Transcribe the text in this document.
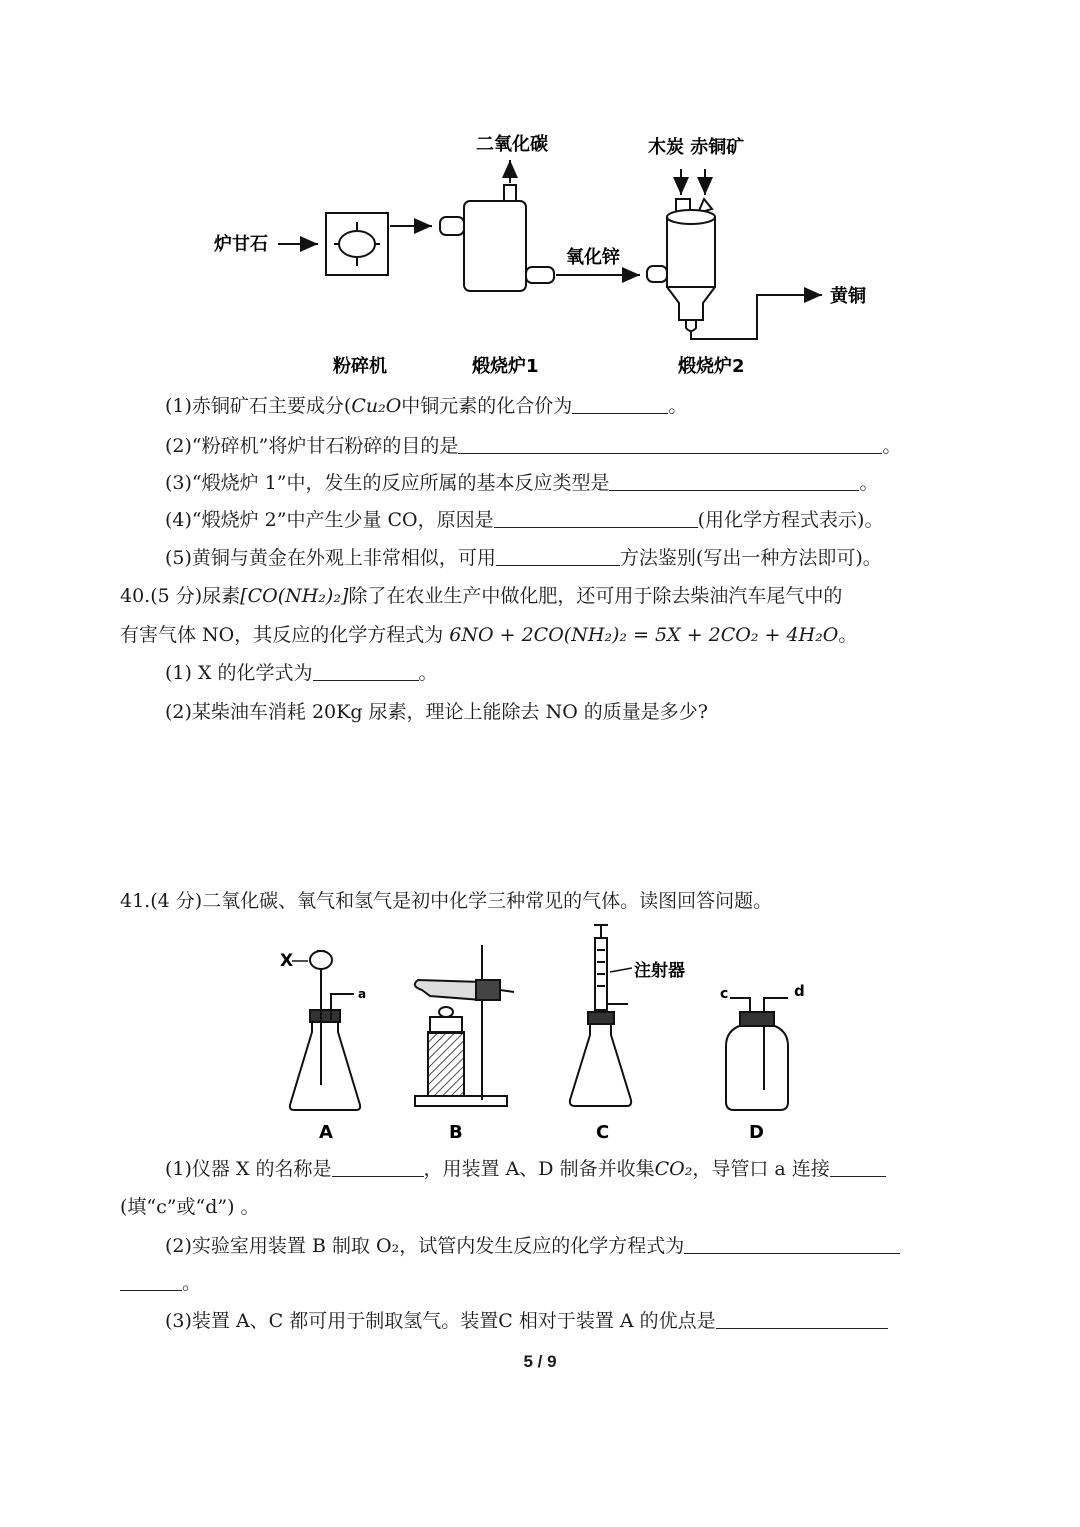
炉甘石
二氧化碳
氧化锌
木炭 赤铜矿
黄铜
粉碎机	煅烧炉1	煅烧炉2
(1)赤铜矿石主要成分(Cu₂O中铜元素的化合价为	。
(2)“粉碎机”将炉甘石粉碎的目的是	。
(3)“煅烧炉 1”中，发生的反应所属的基本反应类型是	。
(4)“煅烧炉 2”中产生少量 CO，原因是	(用化学方程式表示)。
(5)黄铜与黄金在外观上非常相似，可用	方法鉴别(写出一种方法即可)。
40.(5 分)尿素[CO(NH₂)₂]除了在农业生产中做化肥，还可用于除去柴油汽车尾气中的
有害气体 NO，其反应的化学方程式为 6NO + 2CO(NH₂)₂ = 5X + 2CO₂ + 4H₂O。
(1) X 的化学式为	。
(2)某柴油车消耗 20Kg 尿素，理论上能除去 NO 的质量是多少?
41.(4 分)二氧化碳、氧气和氢气是初中化学三种常见的气体。读图回答问题。
X
a
A	B
注射器
C
c	d
D
(1)仪器 X 的名称是	，用装置 A、D 制备并收集CO₂，导管口 a 连接
(填“c”或“d”) 。
(2)实验室用装置 B 制取 O₂，试管内发生反应的化学方程式为
。
(3)装置 A、C 都可用于制取氢气。装置C 相对于装置 A 的优点是
5 / 9
